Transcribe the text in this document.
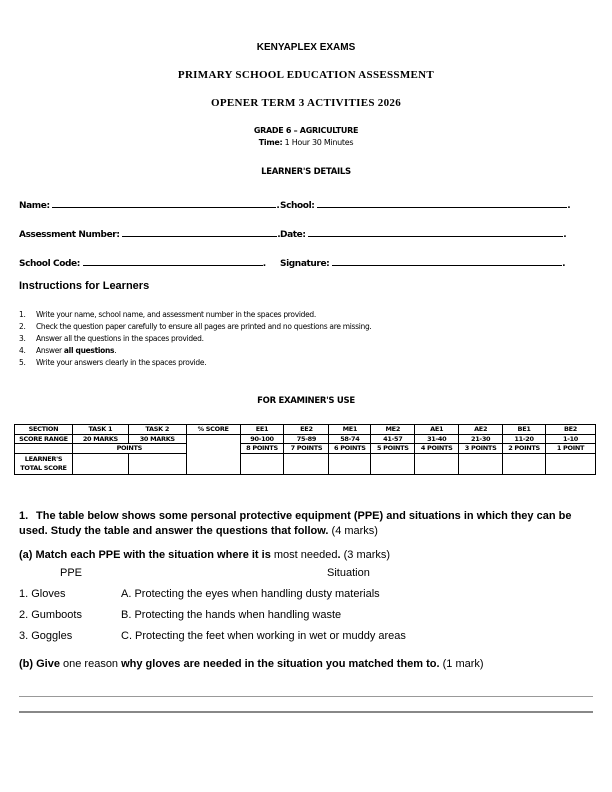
KENYAPLEX EXAMS
PRIMARY SCHOOL EDUCATION ASSESSMENT
OPENER TERM 3 ACTIVITIES 2026
GRADE 6 – AGRICULTURE
Time: 1 Hour 30 Minutes
LEARNER'S DETAILS
Name:	. School:	.
Assessment Number:	. Date:	.
School Code:	. Signature:	.
Instructions for Learners
1. Write your name, school name, and assessment number in the spaces provided.
2. Check the question paper carefully to ensure all pages are printed and no questions are missing.
3. Answer all the questions in the spaces provided.
4. Answer all questions.
5. Write your answers clearly in the spaces provide.
FOR EXAMINER'S USE
SECTION	TASK 1	TASK 2	% SCORE	EE1	EE2	ME1	ME2	AE1	AE2	BE1	BE2
SCORE RANGE	20 MARKS	30 MARKS		90-100	75-89	58-74	41-57	31-40	21-30	11-20	1-10
	POINTS			8 POINTS	7 POINTS	6 POINTS	5 POINTS	4 POINTS	3 POINTS	2 POINTS	1 POINT
LEARNER'S
TOTAL SCORE											
1. The table below shows some personal protective equipment (PPE) and situations in which they can be used. Study the table and answer the questions that follow. (4 marks)
(a) Match each PPE with the situation where it is most needed. (3 marks)
PPE	Situation
1. Gloves	A. Protecting the eyes when handling dusty materials
2. Gumboots	B. Protecting the hands when handling waste
3. Goggles	C. Protecting the feet when working in wet or muddy areas
(b) Give one reason why gloves are needed in the situation you matched them to. (1 mark)
